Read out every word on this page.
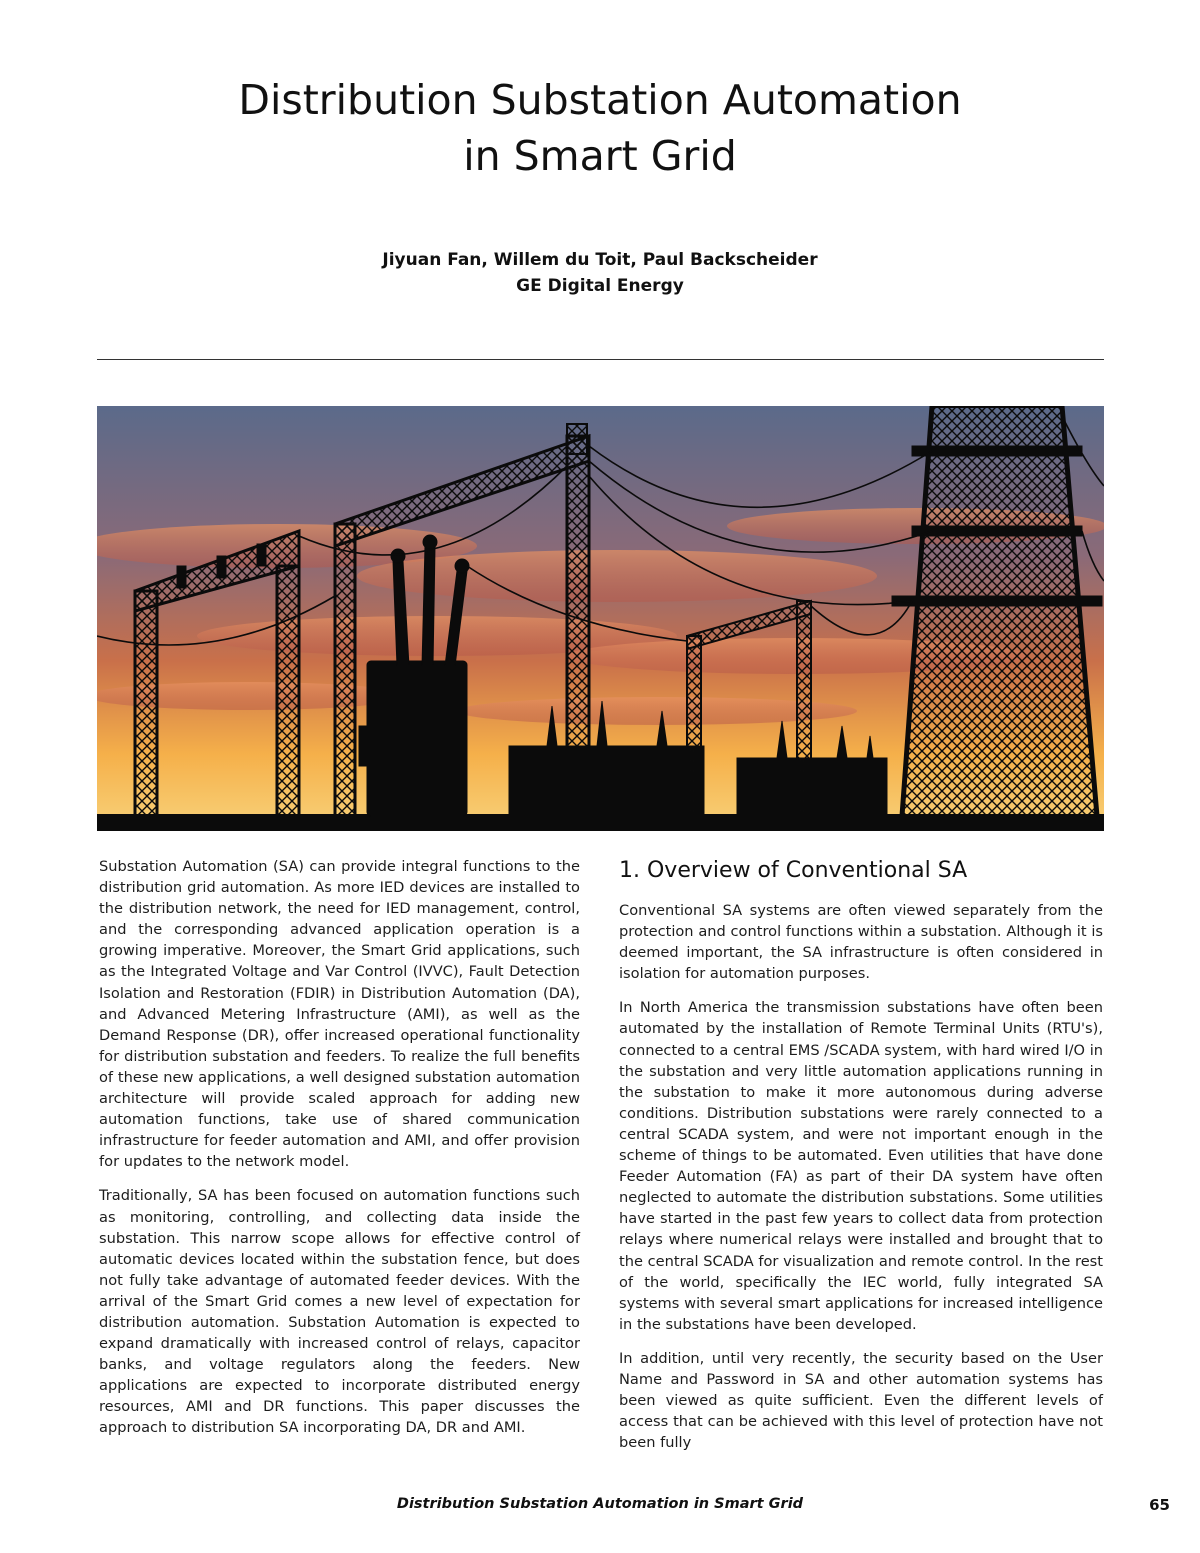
Distribution Substation Automation
in Smart Grid
Jiyuan Fan, Willem du Toit, Paul Backscheider
GE Digital Energy

Substation Automation (SA) can provide integral functions to the distribution grid automation. As more IED devices are installed to the distribution network, the need for IED management, control, and the corresponding advanced application operation is a growing imperative. Moreover, the Smart Grid applications, such as the Integrated Voltage and Var Control (IVVC), Fault Detection Isolation and Restoration (FDIR) in Distribution Automation (DA), and Advanced Metering Infrastructure (AMI), as well as the Demand Response (DR), offer increased operational functionality for distribution substation and feeders. To realize the full benefits of these new applications, a well designed substation automation architecture will provide scaled approach for adding new automation functions, take use of shared communication infrastructure for feeder automation and AMI, and offer provision for updates to the network model.

Traditionally, SA has been focused on automation functions such as monitoring, controlling, and collecting data inside the substation. This narrow scope allows for effective control of automatic devices located within the substation fence, but does not fully take advantage of automated feeder devices. With the arrival of the Smart Grid comes a new level of expectation for distribution automation. Substation Automation is expected to expand dramatically with increased control of relays, capacitor banks, and voltage regulators along the feeders. New applications are expected to incorporate distributed energy resources, AMI and DR functions. This paper discusses the approach to distribution SA incorporating DA, DR and AMI.

1. Overview of Conventional SA

Conventional SA systems are often viewed separately from the protection and control functions within a substation. Although it is deemed important, the SA infrastructure is often considered in isolation for automation purposes.

In North America the transmission substations have often been automated by the installation of Remote Terminal Units (RTU's), connected to a central EMS /SCADA system, with hard wired I/O in the substation and very little automation applications running in the substation to make it more autonomous during adverse conditions. Distribution substations were rarely connected to a central SCADA system, and were not important enough in the scheme of things to be automated. Even utilities that have done Feeder Automation (FA) as part of their DA system have often neglected to automate the distribution substations. Some utilities have started in the past few years to collect data from protection relays where numerical relays were installed and brought that to the central SCADA for visualization and remote control. In the rest of the world, specifically the IEC world, fully integrated SA systems with several smart applications for increased intelligence in the substations have been developed.

In addition, until very recently, the security based on the User Name and Password in SA and other automation systems has been viewed as quite sufficient. Even the different levels of access that can be achieved with this level of protection have not been fully

Distribution Substation Automation in Smart Grid	65
